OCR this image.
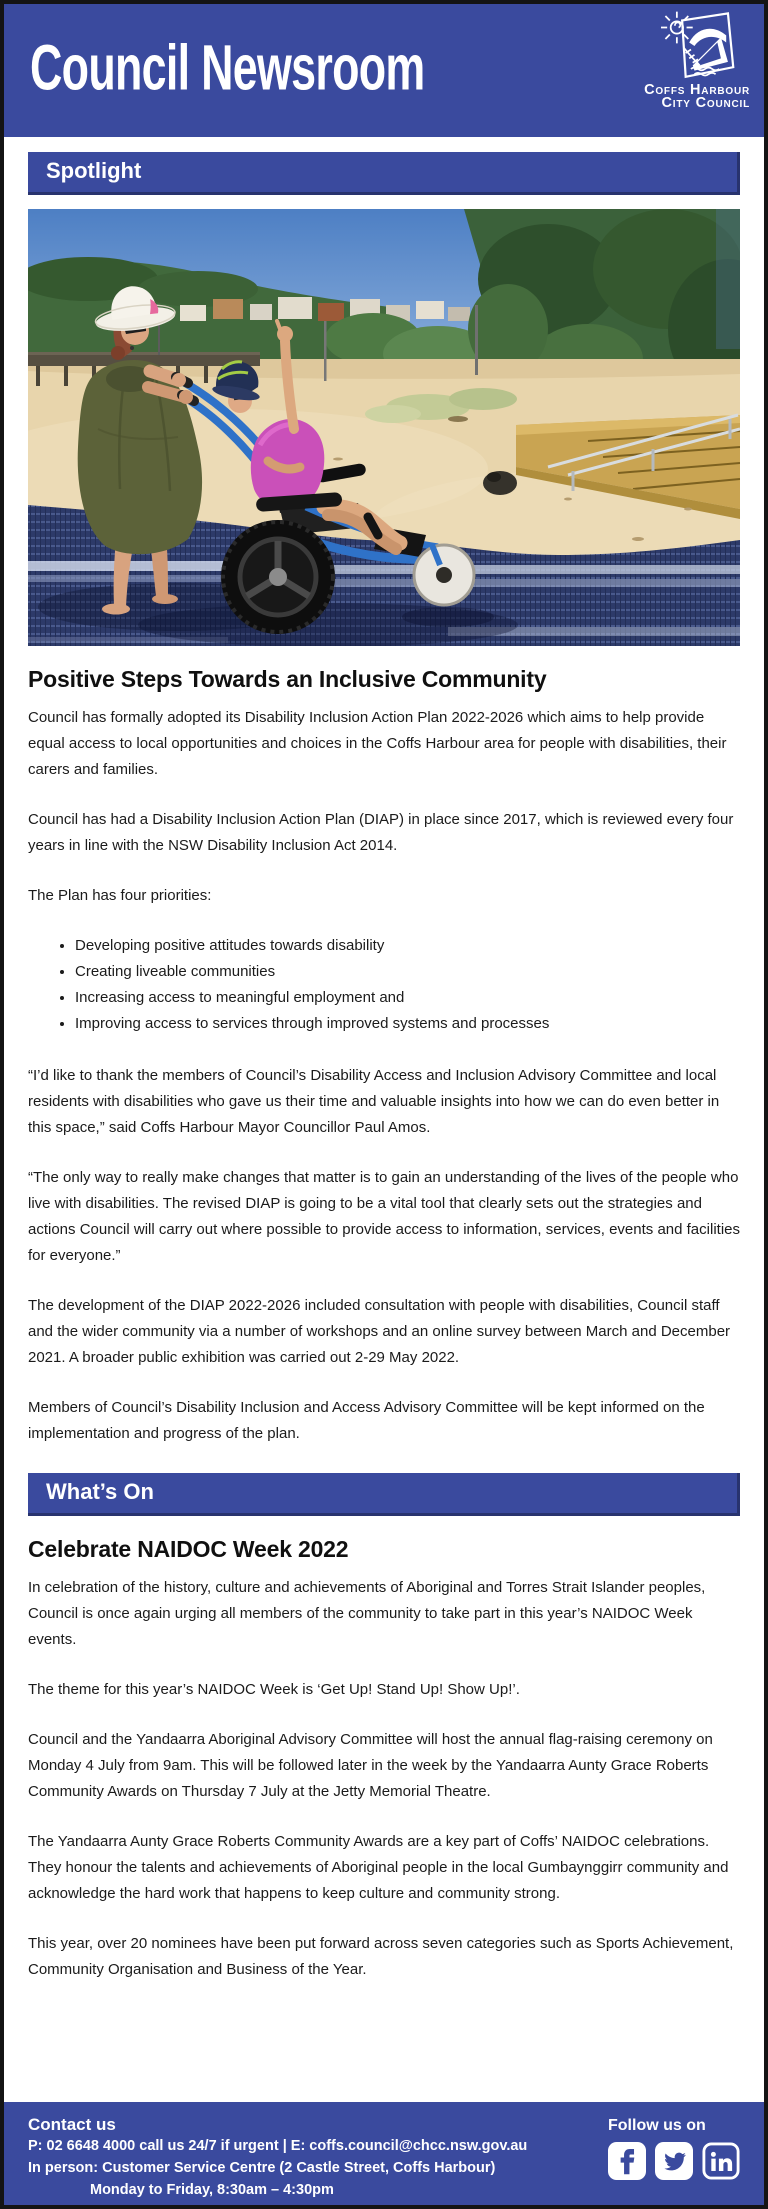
Council Newsroom	Coffs Harbour
City Council
Spotlight
Positive Steps Towards an Inclusive Community

Council has formally adopted its Disability Inclusion Action Plan 2022-2026 which aims to help provide equal access to local opportunities and choices in the Coffs Harbour area for people with disabilities, their carers and families.

Council has had a Disability Inclusion Action Plan (DIAP) in place since 2017, which is reviewed every four years in line with the NSW Disability Inclusion Act 2014.

The Plan has four priorities:

• Developing positive attitudes towards disability
• Creating liveable communities
• Increasing access to meaningful employment and
• Improving access to services through improved systems and processes

“I’d like to thank the members of Council’s Disability Access and Inclusion Advisory Committee and local residents with disabilities who gave us their time and valuable insights into how we can do even better in this space,” said Coffs Harbour Mayor Councillor Paul Amos.

“The only way to really make changes that matter is to gain an understanding of the lives of the people who live with disabilities. The revised DIAP is going to be a vital tool that clearly sets out the strategies and actions Council will carry out where possible to provide access to information, services, events and facilities for everyone.”

The development of the DIAP 2022-2026 included consultation with people with disabilities, Council staff and the wider community via a number of workshops and an online survey between March and December 2021. A broader public exhibition was carried out 2-29 May 2022.

Members of Council’s Disability Inclusion and Access Advisory Committee will be kept informed on the implementation and progress of the plan.

What’s On
Celebrate NAIDOC Week 2022

In celebration of the history, culture and achievements of Aboriginal and Torres Strait Islander peoples, Council is once again urging all members of the community to take part in this year’s NAIDOC Week events.

The theme for this year’s NAIDOC Week is ‘Get Up! Stand Up! Show Up!’.

Council and the Yandaarra Aboriginal Advisory Committee will host the annual flag-raising ceremony on Monday 4 July from 9am. This will be followed later in the week by the Yandaarra Aunty Grace Roberts Community Awards on Thursday 7 July at the Jetty Memorial Theatre.

The Yandaarra Aunty Grace Roberts Community Awards are a key part of Coffs’ NAIDOC celebrations. They honour the talents and achievements of Aboriginal people in the local Gumbaynggirr community and acknowledge the hard work that happens to keep culture and community strong.

This year, over 20 nominees have been put forward across seven categories such as Sports Achievement, Community Organisation and Business of the Year.

Contact us

P: 02 6648 4000 call us 24/7 if urgent | E: coffs.council@chcc.nsw.gov.au
In person: Customer Service Centre (2 Castle Street, Coffs Harbour)
Monday to Friday, 8:30am – 4:30pm

Follow us on
